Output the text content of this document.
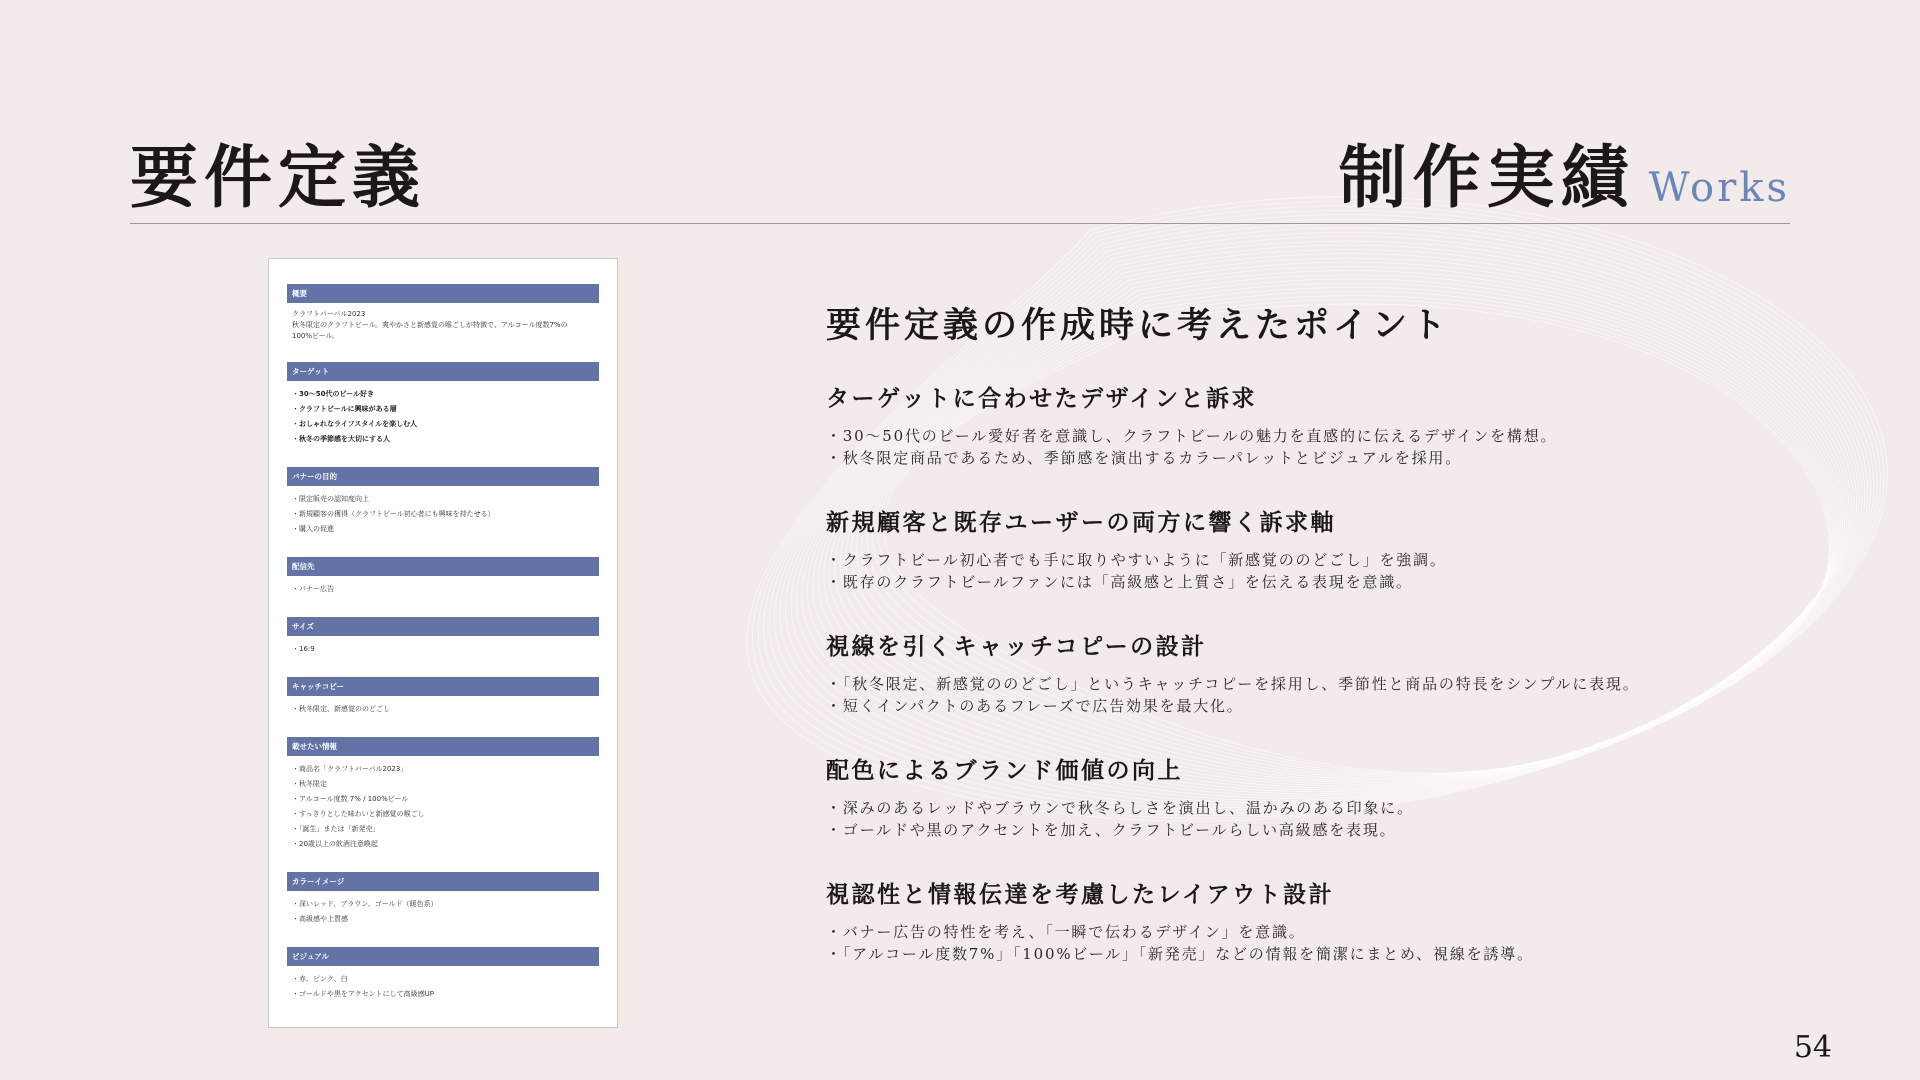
要件定義	制作実績 Works
概要
クラフトバーバル2023
秋冬限定のクラフトビール。爽やかさと新感覚の喉ごしが特徴で、アルコール度数7%の
100%ビール。
ターゲット
・30〜50代のビール好き
・クラフトビールに興味がある層
・おしゃれなライフスタイルを楽しむ人
・秋冬の季節感を大切にする人
バナーの目的
・限定販売の認知度向上
・新規顧客の獲得（クラフトビール初心者にも興味を持たせる）
・購入の促進
配信先
・バナー広告
サイズ
・16:9
キャッチコピー
・秋冬限定、新感覚ののどごし
載せたい情報
・商品名「クラフトバーバル2023」
・秋冬限定
・アルコール度数 7% / 100%ビール
・すっきりとした味わいと新感覚の喉ごし
・「誕生」または「新発売」
・20歳以上の飲酒注意喚起
カラーイメージ
・深いレッド、ブラウン、ゴールド（暖色系）
・高級感や上質感
ビジュアル
・赤、ピンク、白
・ゴールドや黒をアクセントにして高級感UP
要件定義の作成時に考えたポイント
ターゲットに合わせたデザインと訴求
・30〜50代のビール愛好者を意識し、クラフトビールの魅力を直感的に伝えるデザインを構想。
・秋冬限定商品であるため、季節感を演出するカラーパレットとビジュアルを採用。
新規顧客と既存ユーザーの両方に響く訴求軸
・クラフトビール初心者でも手に取りやすいように「新感覚ののどごし」を強調。
・既存のクラフトビールファンには「高級感と上質さ」を伝える表現を意識。
視線を引くキャッチコピーの設計
・「秋冬限定、新感覚ののどごし」というキャッチコピーを採用し、季節性と商品の特長をシンプルに表現。
・短くインパクトのあるフレーズで広告効果を最大化。
配色によるブランド価値の向上
・深みのあるレッドやブラウンで秋冬らしさを演出し、温かみのある印象に。
・ゴールドや黒のアクセントを加え、クラフトビールらしい高級感を表現。
視認性と情報伝達を考慮したレイアウト設計
・バナー広告の特性を考え、「一瞬で伝わるデザイン」を意識。
・「アルコール度数7%」「100%ビール」「新発売」などの情報を簡潔にまとめ、視線を誘導。
54
